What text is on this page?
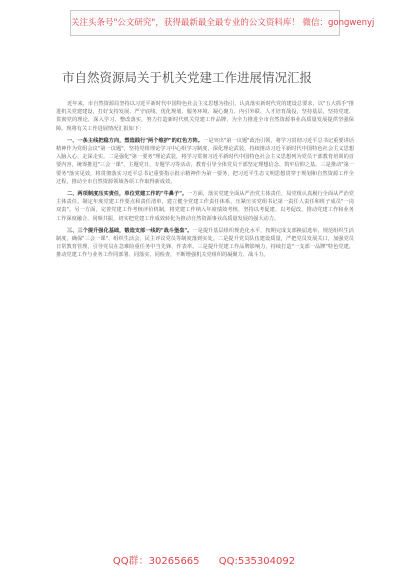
关注头条号"公文研究"，获得最新最全最专业的公文资料库！ 微信：gongwenyj
市自然资源局关于机关党建工作进展情况汇报

近年来，市自然资源局坚持以习近平新时代中国特色社会主义思想为指引，认真落实新时代党的建设总要求，以"五大抓手"推进机关党建建设，打好支持发展、严守底线、优化规划、服务环境、凝心聚力、内引外联、人才培育战役，坚持基层、坚持党建、贯彻党的理论，深入学习、整改落实，努力打造新时代机关党建工作品牌，为全力推进全市自然资源事业高质量发展提供坚强保障。现将有关工作进展情况汇报如下：

一、一条主线把稳方向，塑造践行"两个维护"的红色方阵。一是突出"第一议题"政治引领，将学习贯彻习近平总书记重要讲话精神作为党组会议"第一议题"，坚持党组理论学习中心组学习制度，深化理论武装，持续推动习近平新时代中国特色社会主义思想入脑入心、走深走实。二是强化"第一要务"理论武装，将学习贯彻习近平新时代中国特色社会主义思想列为党员干部教育培训的首要内容，统筹推进"三会一课"、主题党日、专题学习等活动，教育引导全体党员干部坚定理想信念、筑牢信仰之基。三是推动"第一要务"落实见效，将贯彻落实习近平总书记重要指示批示精神作为第一要务，把习近平生态文明思想贯穿于规划和自然资源工作全过程，推动全市自然资源领域各项工作取得新成效。

二、两项制度压实责任，单位党建工作的"牛鼻子"。一方面，落实党建全面从严治党主体责任，局党组认真履行全面从严治党主体责任，制定年度党建工作要点和责任清单，建立健全党建工作责任体系，压紧压实党组书记第一责任人责任和班子成员"一岗双责"。另一方面，完善党建工作考核评价机制，将党建工作纳入年度绩效考核，坚持以考促建、以考促改，推动党建工作和业务工作深度融合、同频共振，切实把党建工作成效转化为推动自然资源事业高质量发展的强大动力。

三、三个提升强化基础，锻造支部一线的"战斗堡垒"。一是提升基层组织规范化水平，按期完成支部换届选举，规范组织生活制度，确保"三会一课"、组织生活会、民主评议党员等制度落到实处。二是提升党员队伍建设质量，严把党员发展关口，加强党员日常教育管理，引导党员在急难险重任务中当先锋、作表率。三是提升党建工作品牌影响力，持续打造"一支部一品牌"特色党建，推动党建工作与业务工作同部署、同落实、同检查，不断增强机关党组织的凝聚力、战斗力。

QQ群：30265665 QQ:535304092
